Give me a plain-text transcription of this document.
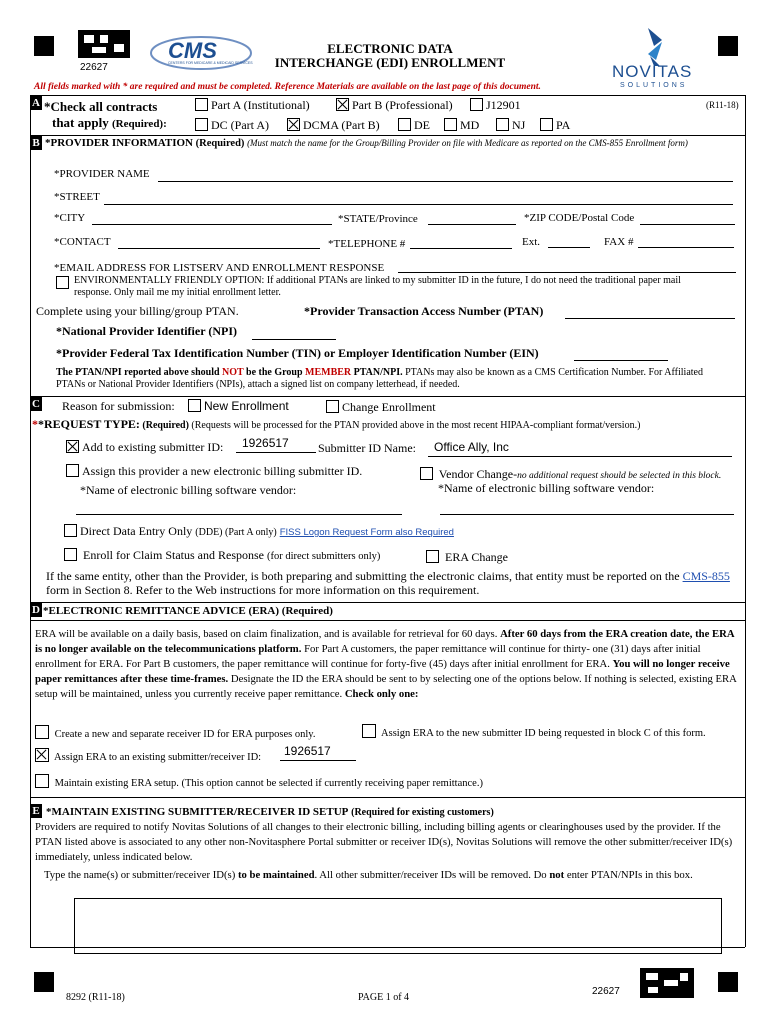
22627
CMS
CENTERS FOR MEDICARE & MEDICAID SERVICES
ELECTRONIC DATA
INTERCHANGE (EDI) ENROLLMENT	NOVITAS
SOLUTIONS
All fields marked with * are required and must be completed. Reference Materials are available on the last page of this document.
A *Check all contracts
that apply (Required):
Part A (Institutional)	Part B (Professional)	J12901	(R11-18)
DC (Part A)	DCMA (Part B)	DE	MD	NJ	PA
B *PROVIDER INFORMATION (Required) (Must match the name for the Group/Billing Provider on file with Medicare as reported on the CMS-855 Enrollment form)
*PROVIDER NAME
*STREET
*CITY	*STATE/Province	*ZIP CODE/Postal Code
*CONTACT	*TELEPHONE #	Ext.	FAX #
*EMAIL ADDRESS FOR LISTSERV AND ENROLLMENT RESPONSE
ENVIRONMENTALLY FRIENDLY OPTION: If additional PTANs are linked to my submitter ID in the future, I do not need the traditional paper mail response. Only mail me my initial enrollment letter.
Complete using your billing/group PTAN.	*Provider Transaction Access Number (PTAN)
*National Provider Identifier (NPI)
*Provider Federal Tax Identification Number (TIN) or Employer Identification Number (EIN)
The PTAN/NPI reported above should NOT be the Group MEMBER PTAN/NPI. PTANs may also be known as a CMS Certification Number. For Affiliated PTANs or National Provider Identifiers (NPIs), attach a signed list on company letterhead, if needed.
C Reason for submission:	New Enrollment	Change Enrollment
**REQUEST TYPE: (Required) (Requests will be processed for the PTAN provided above in the most recent HIPAA-compliant format/version.)
Add to existing submitter ID: 1926517 Submitter ID Name: Office Ally, Inc
Assign this provider a new electronic billing submitter ID.	Vendor Change-no additional request should be selected in this block.
*Name of electronic billing software vendor:	*Name of electronic billing software vendor:
Direct Data Entry Only (DDE) (Part A only) FISS Logon Request Form also Required
Enroll for Claim Status and Response (for direct submitters only)	ERA Change
If the same entity, other than the Provider, is both preparing and submitting the electronic claims, that entity must be reported on the CMS-855 form in Section 8. Refer to the Web instructions for more information on this requirement.
D *ELECTRONIC REMITTANCE ADVICE (ERA) (Required)
ERA will be available on a daily basis, based on claim finalization, and is available for retrieval for 60 days. After 60 days from the ERA creation date, the ERA is no longer available on the telecommunications platform. For Part A customers, the paper remittance will continue for thirty- one (31) days after initial enrollment for ERA. For Part B customers, the paper remittance will continue for forty-five (45) days after initial enrollment for ERA. You will no longer receive paper remittances after these time-frames. Designate the ID the ERA should be sent to by selecting one of the options below. If nothing is selected, existing ERA setup will be maintained, unless you currently receive paper remittance. Check only one:
Create a new and separate receiver ID for ERA purposes only.	Assign ERA to the new submitter ID being requested in block C of this form.
Assign ERA to an existing submitter/receiver ID: 1926517
Maintain existing ERA setup. (This option cannot be selected if currently receiving paper remittance.)
E *MAINTAIN EXISTING SUBMITTER/RECEIVER ID SETUP (Required for existing customers)
Providers are required to notify Novitas Solutions of all changes to their electronic billing, including billing agents or clearinghouses used by the provider. If the PTAN listed above is associated to any other non-Novitasphere Portal submitter or receiver ID(s), Novitas Solutions will remove the other submitter/receiver ID(s) immediately, unless indicated below.
Type the name(s) or submitter/receiver ID(s) to be maintained. All other submitter/receiver IDs will be removed. Do not enter PTAN/NPIs in this box.
8292 (R11-18)	PAGE 1 of 4
22627
